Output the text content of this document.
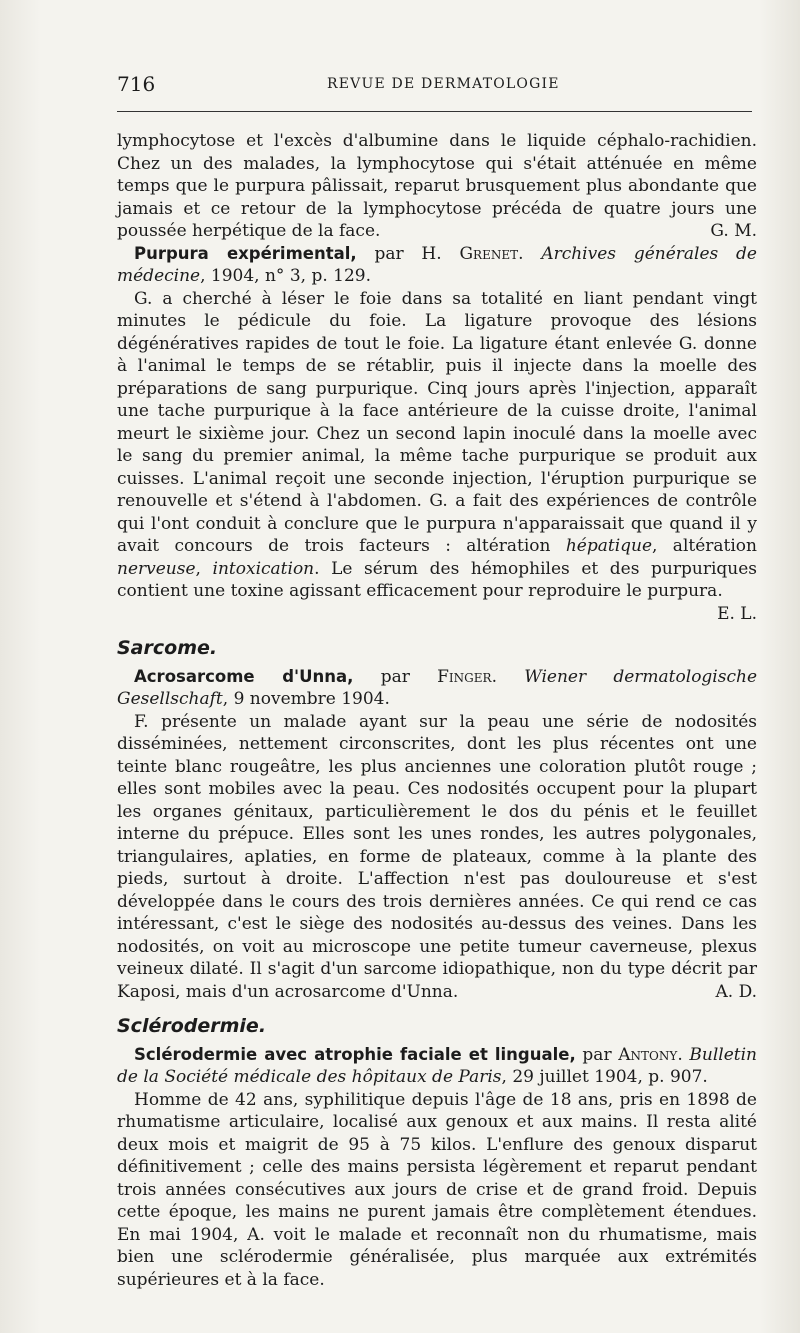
716	REVUE DE DERMATOLOGIE

lymphocytose et l'excès d'albumine dans le liquide céphalo-rachidien. Chez un des malades, la lymphocytose qui s'était atténuée en même temps que le purpura pâlissait, reparut brusquement plus abondante que jamais et ce retour de la lymphocytose précéda de quatre jours une poussée herpétique de la face.	G. M.

Purpura expérimental, par H. Grenet. Archives générales de médecine, 1904, n° 3, p. 129.

G. a cherché à léser le foie dans sa totalité en liant pendant vingt minutes le pédicule du foie. La ligature provoque des lésions dégénératives rapides de tout le foie. La ligature étant enlevée G. donne à l'animal le temps de se rétablir, puis il injecte dans la moelle des préparations de sang purpurique. Cinq jours après l'injection, apparaît une tache purpurique à la face antérieure de la cuisse droite, l'animal meurt le sixième jour. Chez un second lapin inoculé dans la moelle avec le sang du premier animal, la même tache purpurique se produit aux cuisses. L'animal reçoit une seconde injection, l'éruption purpurique se renouvelle et s'étend à l'abdomen. G. a fait des expériences de contrôle qui l'ont conduit à conclure que le purpura n'apparaissait que quand il y avait concours de trois facteurs : altération hépatique, altération nerveuse, intoxication. Le sérum des hémophiles et des purpuriques contient une toxine agissant efficacement pour reproduire le purpura.
E. L.

Sarcome.

Acrosarcome d'Unna, par Finger. Wiener dermatologische Gesellschaft, 9 novembre 1904.

F. présente un malade ayant sur la peau une série de nodosités disséminées, nettement circonscrites, dont les plus récentes ont une teinte blanc rougeâtre, les plus anciennes une coloration plutôt rouge ; elles sont mobiles avec la peau. Ces nodosités occupent pour la plupart les organes génitaux, particulièrement le dos du pénis et le feuillet interne du prépuce. Elles sont les unes rondes, les autres polygonales, triangulaires, aplaties, en forme de plateaux, comme à la plante des pieds, surtout à droite. L'affection n'est pas douloureuse et s'est développée dans le cours des trois dernières années. Ce qui rend ce cas intéressant, c'est le siège des nodosités au-dessus des veines. Dans les nodosités, on voit au microscope une petite tumeur caverneuse, plexus veineux dilaté. Il s'agit d'un sarcome idiopathique, non du type décrit par Kaposi, mais d'un acrosarcome d'Unna.	A. D.

Sclérodermie.

Sclérodermie avec atrophie faciale et linguale, par Antony. Bulletin de la Société médicale des hôpitaux de Paris, 29 juillet 1904, p. 907.

Homme de 42 ans, syphilitique depuis l'âge de 18 ans, pris en 1898 de rhumatisme articulaire, localisé aux genoux et aux mains. Il resta alité deux mois et maigrit de 95 à 75 kilos. L'enflure des genoux disparut définitivement ; celle des mains persista légèrement et reparut pendant trois années consécutives aux jours de crise et de grand froid. Depuis cette époque, les mains ne purent jamais être complètement étendues. En mai 1904, A. voit le malade et reconnaît non du rhumatisme, mais bien une sclérodermie généralisée, plus marquée aux extrémités supérieures et à la face.
